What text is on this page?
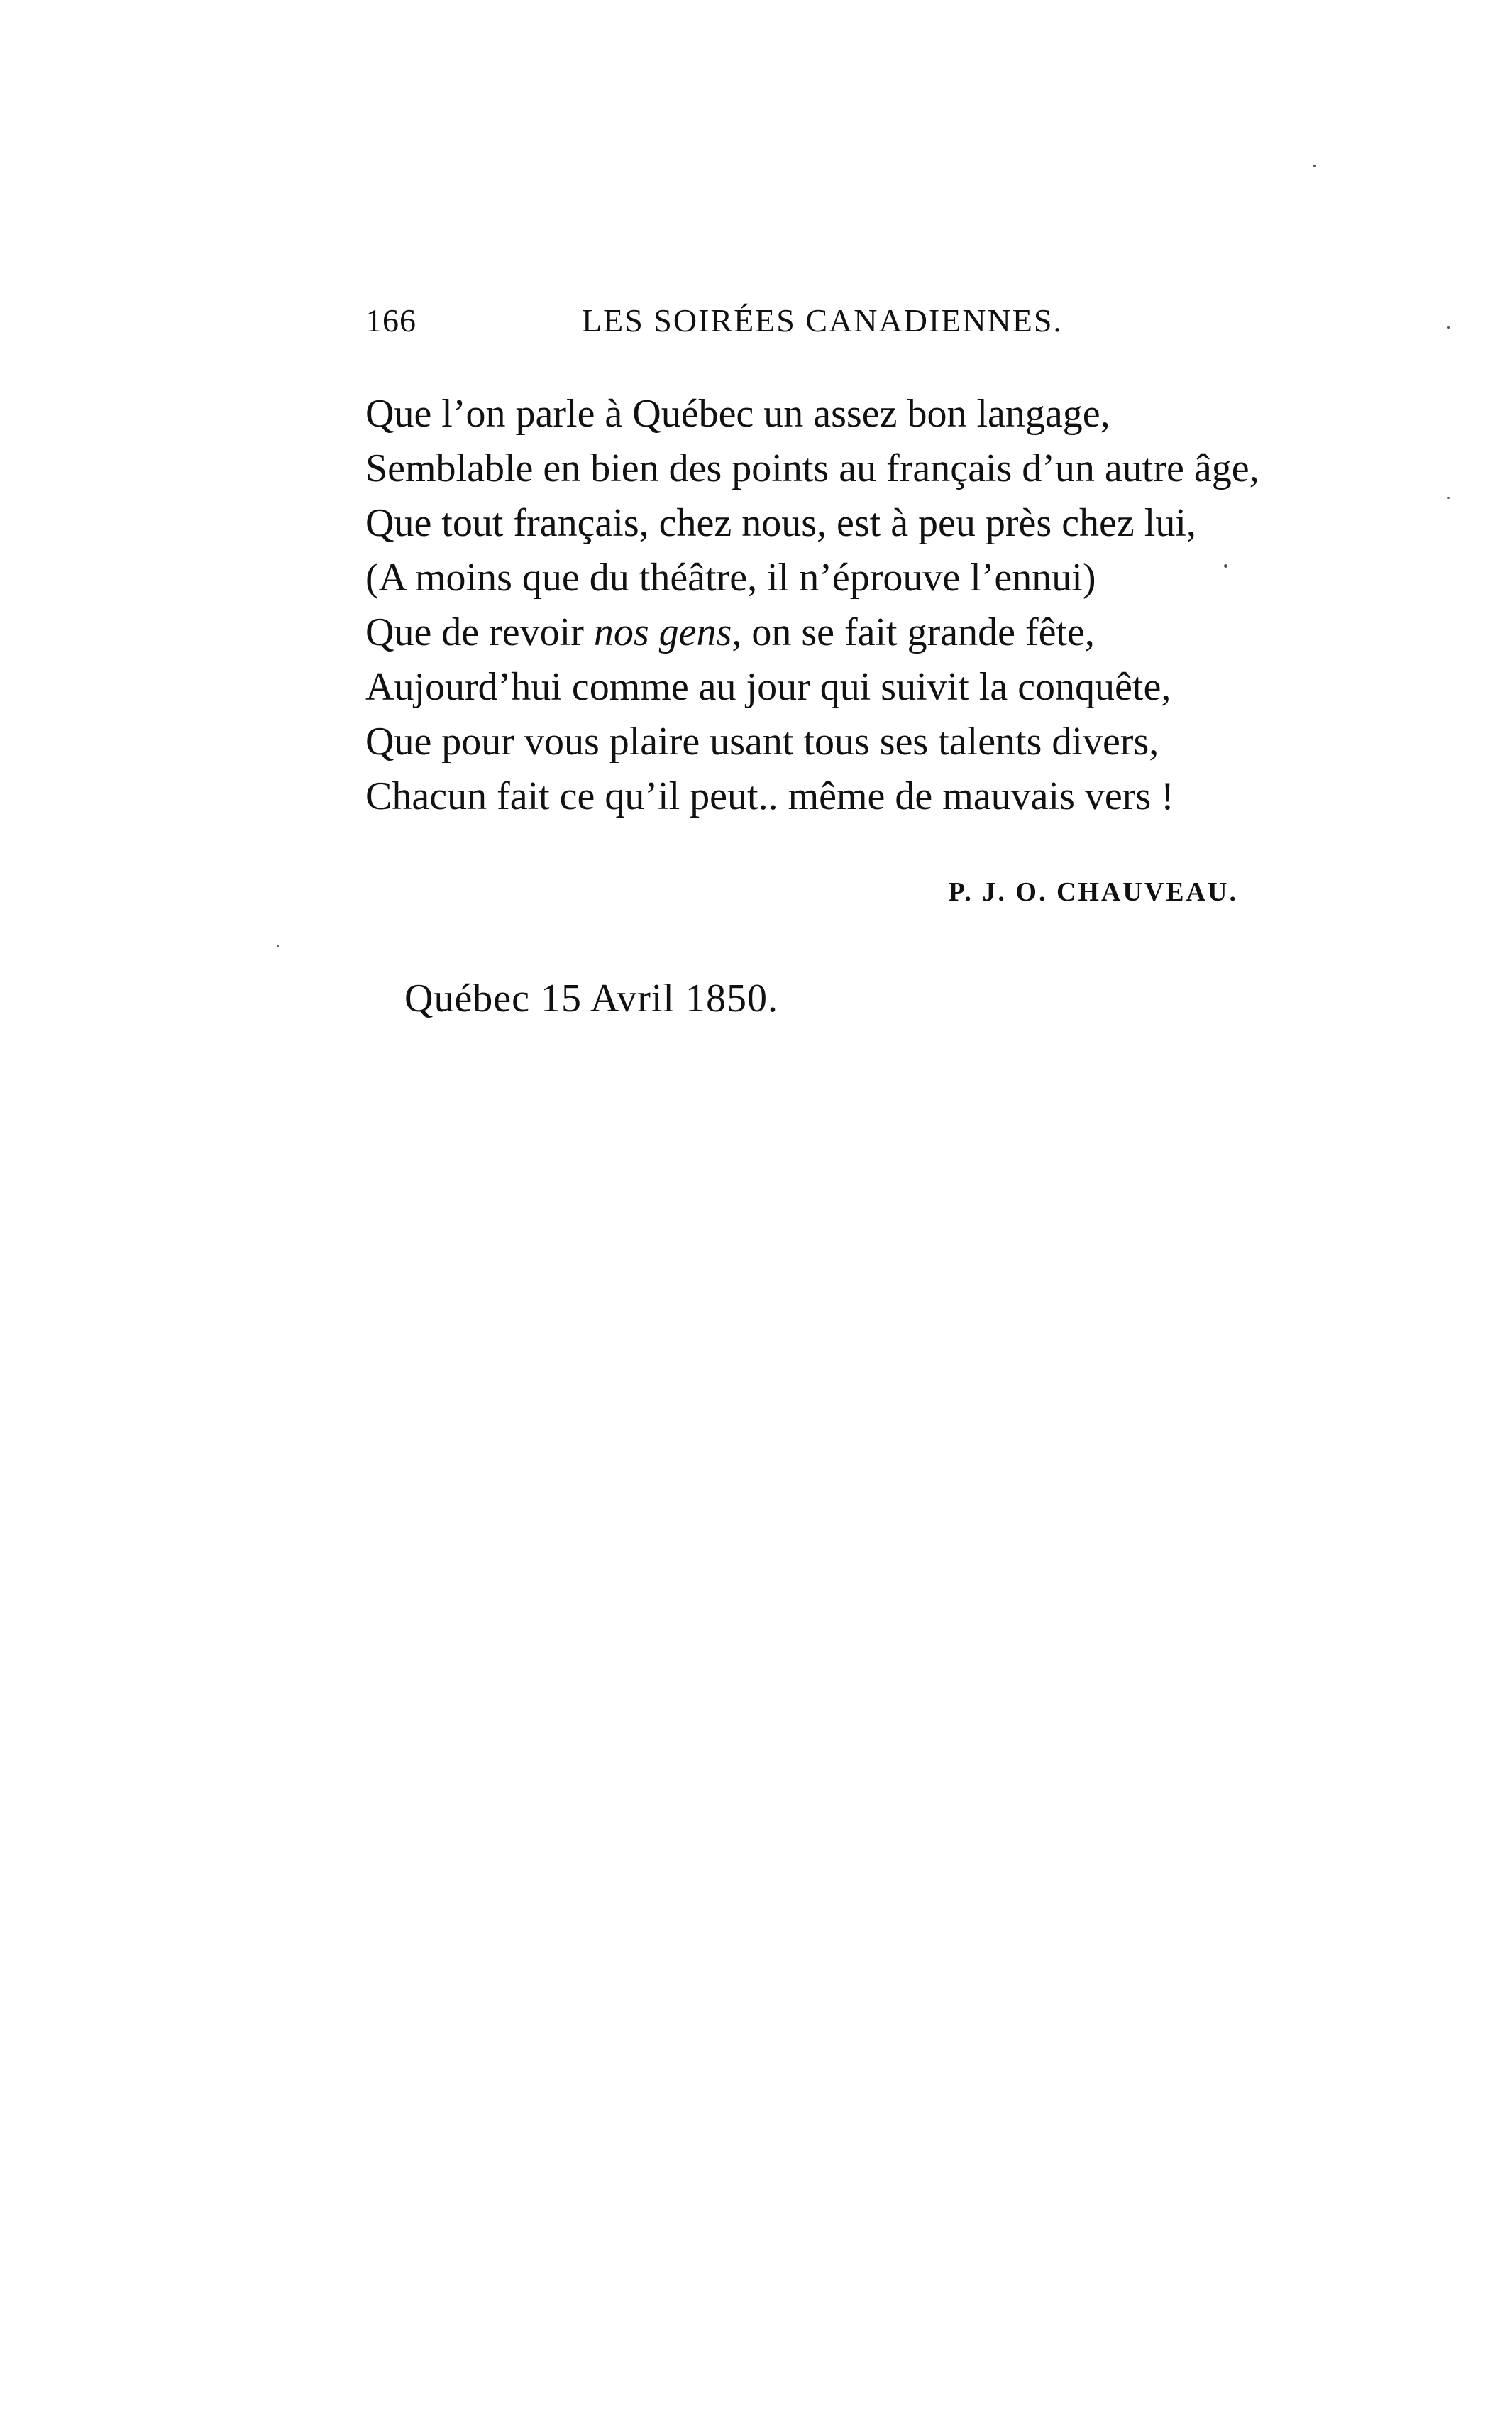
166	LES SOIRÉES CANADIENNES.
Que l’on parle à Québec un assez bon langage,
Semblable en bien des points au français d’un autre âge,
Que tout français, chez nous, est à peu près chez lui,
(A moins que du théâtre, il n’éprouve l’ennui)
Que de revoir nos gens, on se fait grande fête,
Aujourd’hui comme au jour qui suivit la conquête,
Que pour vous plaire usant tous ses talents divers,
Chacun fait ce qu’il peut.. même de mauvais vers !
P. J. O. CHAUVEAU.
Québec 15 Avril 1850.
